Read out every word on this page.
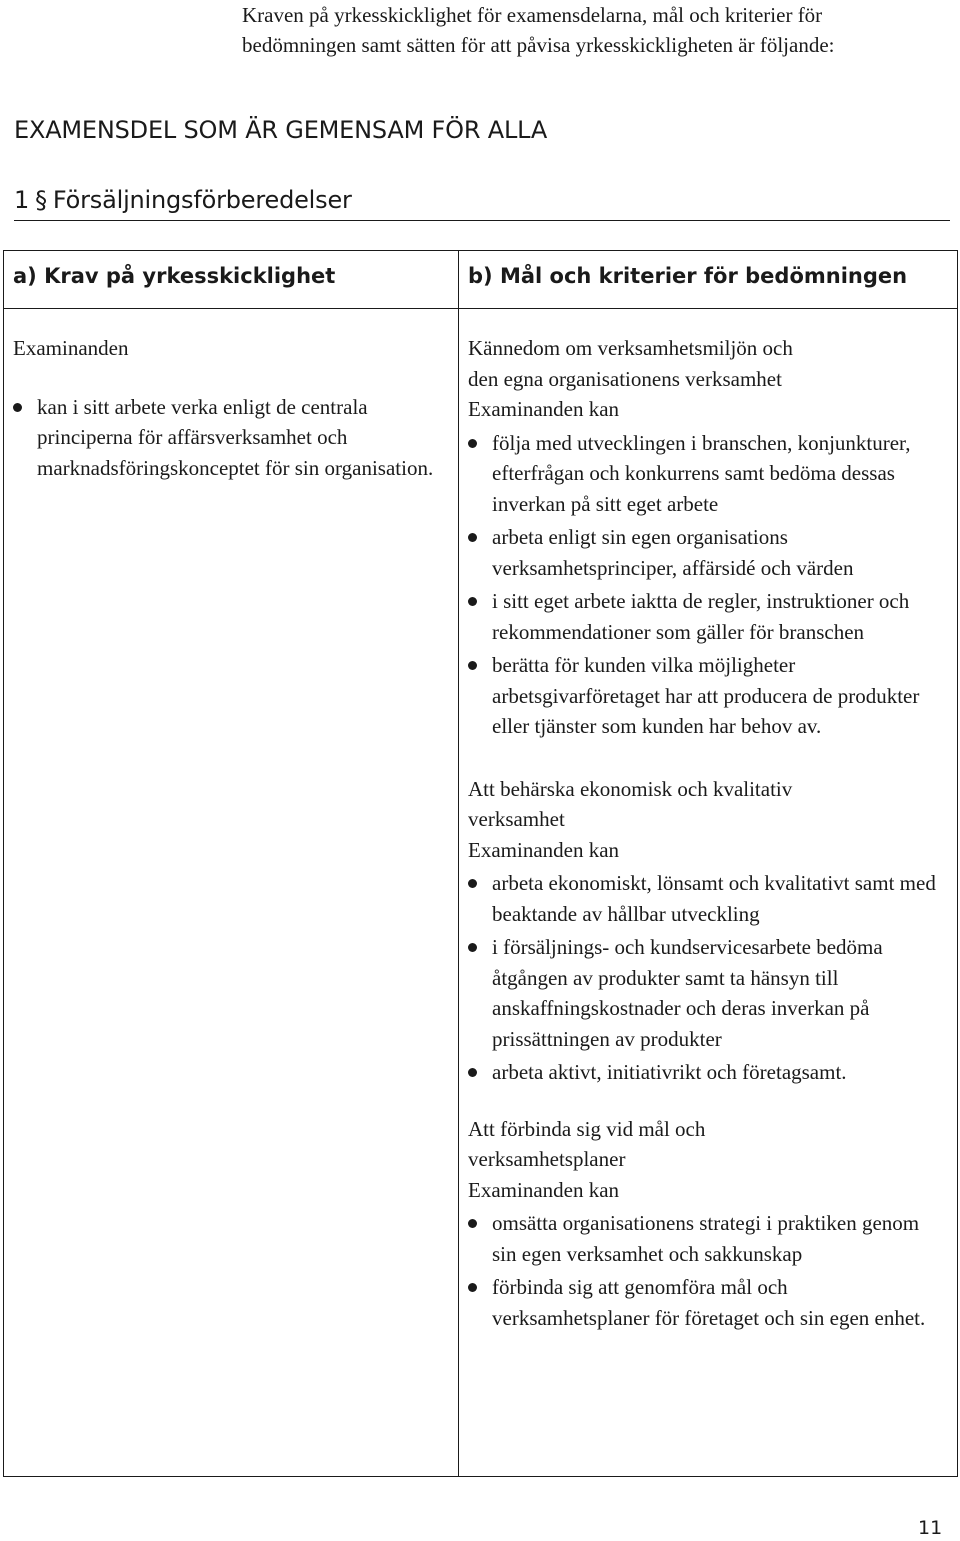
Kraven på yrkesskicklighet för examensdelarna, mål och kriterier för bedömningen samt sätten för att påvisa yrkesskickligheten är följande:

EXAMENSDEL SOM ÄR GEMENSAM FÖR ALLA
1 § Försäljningsförberedelser
a) Krav på yrkesskicklighet	b) Mål och kriterier för bedömningen

Examinanden

kan i sitt arbete verka enligt de centrala principerna för affärsverksamhet och marknadsföringskonceptet för sin organisation.

Kännedom om verksamhetsmiljön och
den egna organisationens verksamhet

Examinanden kan

följa med utvecklingen i branschen, konjunkturer, efterfrågan och konkurrens samt bedöma dessas inverkan på sitt eget arbete
arbeta enligt sin egen organisations verksamhetsprinciper, affärsidé och värden
i sitt eget arbete iaktta de regler, instruktioner och rekommendationer som gäller för branschen
berätta för kunden vilka möjligheter arbetsgivarföretaget har att producera de produkter eller tjänster som kunden har behov av.

Att behärska ekonomisk och kvalitativ
verksamhet

Examinanden kan

arbeta ekonomiskt, lönsamt och kvalitativt samt med beaktande av hållbar utveckling
i försäljnings- och kundservicesarbete bedöma åtgången av produkter samt ta hänsyn till anskaffningskostnader och deras inverkan på prissättningen av produkter
arbeta aktivt, initiativrikt och företagsamt.

Att förbinda sig vid mål och
verksamhetsplaner

Examinanden kan

omsätta organisationens strategi i praktiken genom sin egen verksamhet och sakkunskap
förbinda sig att genomföra mål och verksamhetsplaner för företaget och sin egen enhet.

11
